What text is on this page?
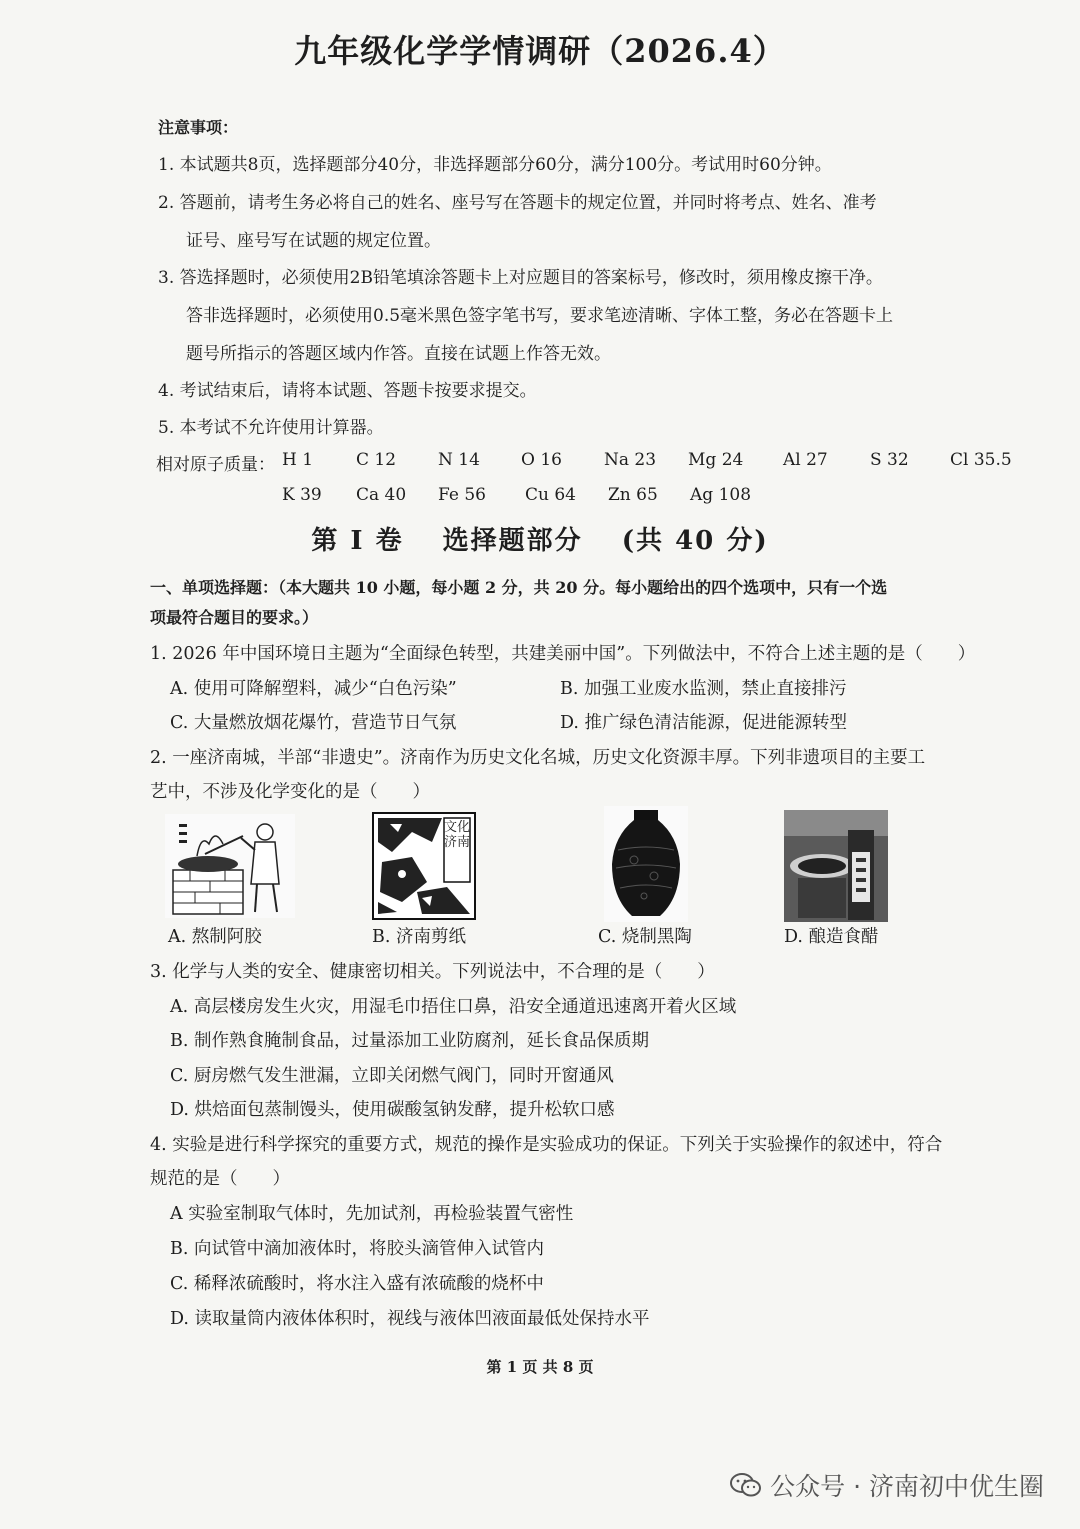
九年级化学学情调研（2026.4）
注意事项：
1. 本试题共8页，选择题部分40分，非选择题部分60分，满分100分。考试用时60分钟。
2. 答题前，请考生务必将自己的姓名、座号写在答题卡的规定位置，并同时将考点、姓名、准考
证号、座号写在试题的规定位置。
3. 答选择题时，必须使用2B铅笔填涂答题卡上对应题目的答案标号，修改时，须用橡皮擦干净。
答非选择题时，必须使用0.5毫米黑色签字笔书写，要求笔迹清晰、字体工整，务必在答题卡上
题号所指示的答题区域内作答。直接在试题上作答无效。
4. 考试结束后，请将本试题、答题卡按要求提交。
5. 本考试不允许使用计算器。
相对原子质量： H 1	C 12 N 14 O 16 Na 23 Mg 24 Al 27 S 32 Cl 35.5
K 39 Ca 40 Fe 56 Cu 64 Zn 65 Ag 108
第 I 卷　 选择题部分　 (共 40 分)
一、单项选择题：（本大题共 10 小题，每小题 2 分，共 20 分。每小题给出的四个选项中，只有一个选
项最符合题目的要求。）
1. 2026 年中国环境日主题为“全面绿色转型，共建美丽中国”。下列做法中，不符合上述主题的是（　　）
A. 使用可降解塑料，减少“白色污染”	B. 加强工业废水监测，禁止直接排污
C. 大量燃放烟花爆竹，营造节日气氛	D. 推广绿色清洁能源，促进能源转型
2. 一座济南城，半部“非遗史”。济南作为历史文化名城，历史文化资源丰厚。下列非遗项目的主要工
艺中，不涉及化学变化的是（　　）
文化济南
A. 熬制阿胶	B. 济南剪纸	C. 烧制黑陶	D. 酿造食醋
3. 化学与人类的安全、健康密切相关。下列说法中，不合理的是（　　）
A. 高层楼房发生火灾，用湿毛巾捂住口鼻，沿安全通道迅速离开着火区域
B. 制作熟食腌制食品，过量添加工业防腐剂，延长食品保质期
C. 厨房燃气发生泄漏，立即关闭燃气阀门，同时开窗通风
D. 烘焙面包蒸制馒头，使用碳酸氢钠发酵，提升松软口感
4. 实验是进行科学探究的重要方式，规范的操作是实验成功的保证。下列关于实验操作的叙述中，符合
规范的是（　　）
A 实验室制取气体时，先加试剂，再检验装置气密性
B. 向试管中滴加液体时，将胶头滴管伸入试管内
C. 稀释浓硫酸时，将水注入盛有浓硫酸的烧杯中
D. 读取量筒内液体体积时，视线与液体凹液面最低处保持水平
第 1 页 共 8 页
公众号 · 济南初中优生圈
